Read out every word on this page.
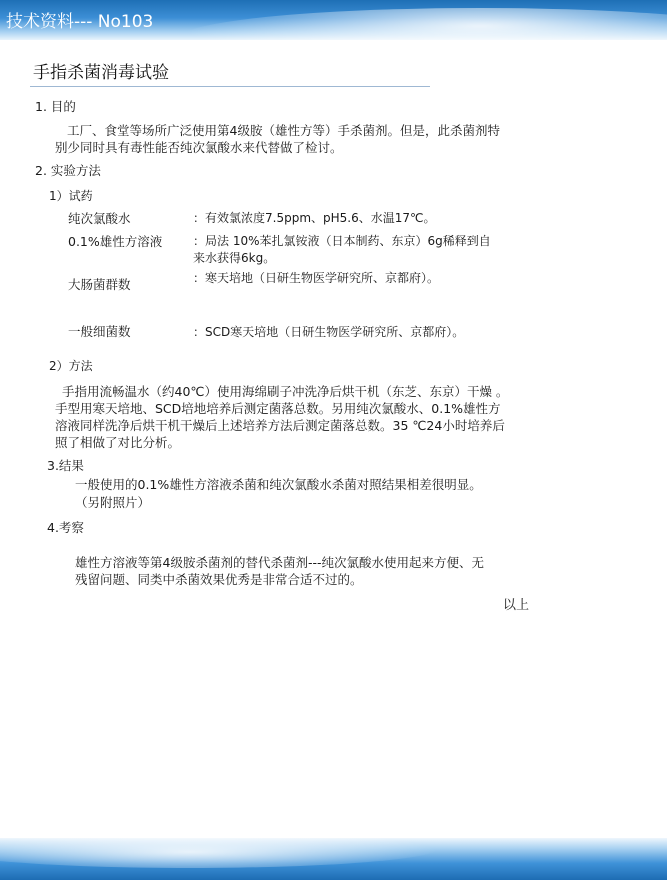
技术资料--- No103
手指杀菌消毒试验
1. 目的
工厂、食堂等场所广泛使用第4级胺（雄性方等）手杀菌剂。但是，此杀菌剂特
别少同时具有毒性能否纯次氯酸水来代替做了检讨。
2. 实验方法
1）试药
纯次氯酸水	：有效氯浓度7.5ppm、pH5.6、水温17℃。
0.1%雄性方溶液	：局法 10%苯扎氯铵液（日本制药、东京）6g稀释到自
来水获得6kg。
大肠菌群数	：寒天培地（日研生物医学研究所、京都府）。
一般细菌数	：SCD寒天培地（日研生物医学研究所、京都府）。
2）方法
手指用流畅温水（约40℃）使用海绵刷子冲洗净后烘干机（东芝、东京）干燥 。
手型用寒天培地、SCD培地培养后测定菌落总数。另用纯次氯酸水、0.1%雄性方
溶液同样洗净后烘干机干燥后上述培养方法后测定菌落总数。35 ℃24小时培养后
照了相做了对比分析。
3.结果
一般使用的0.1%雄性方溶液杀菌和纯次氯酸水杀菌对照结果相差很明显。
（另附照片）
4.考察
雄性方溶液等第4级胺杀菌剂的替代杀菌剂---纯次氯酸水使用起来方便、无
残留问题、同类中杀菌效果优秀是非常合适不过的。
以上
